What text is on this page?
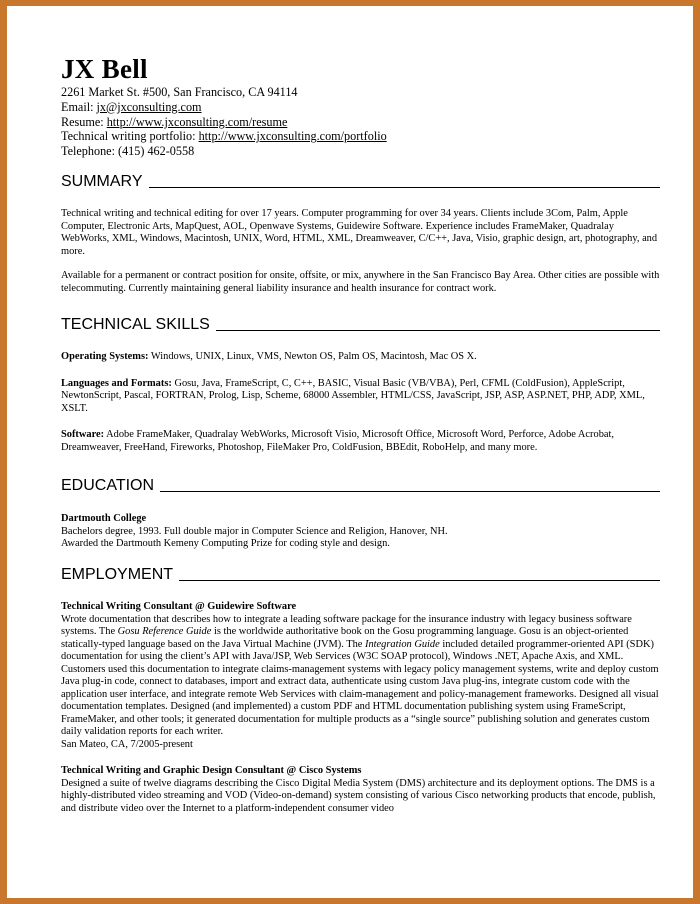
JX Bell
2261 Market St. #500, San Francisco, CA 94114
Email: jx@jxconsulting.com
Resume: http://www.jxconsulting.com/resume
Technical writing portfolio: http://www.jxconsulting.com/portfolio
Telephone: (415) 462-0558
SUMMARY

Technical writing and technical editing for over 17 years. Computer programming for over 34 years. Clients include 3Com, Palm, Apple Computer, Electronic Arts, MapQuest, AOL, Openwave Systems, Guidewire Software. Experience includes FrameMaker, Quadralay WebWorks, XML, Windows, Macintosh, UNIX, Word, HTML, XML, Dreamweaver, C/C++, Java, Visio, graphic design, art, photography, and more.

Available for a permanent or contract position for onsite, offsite, or mix, anywhere in the San Francisco Bay Area. Other cities are possible with telecommuting. Currently maintaining general liability insurance and health insurance for contract work.

TECHNICAL SKILLS

Operating Systems: Windows, UNIX, Linux, VMS, Newton OS, Palm OS, Macintosh, Mac OS X.

Languages and Formats: Gosu, Java, FrameScript, C, C++, BASIC, Visual Basic (VB/VBA), Perl, CFML (ColdFusion), AppleScript, NewtonScript, Pascal, FORTRAN, Prolog, Lisp, Scheme, 68000 Assembler, HTML/CSS, JavaScript, JSP, ASP, ASP.NET, PHP, ADP, XML, XSLT.

Software: Adobe FrameMaker, Quadralay WebWorks, Microsoft Visio, Microsoft Office, Microsoft Word, Perforce, Adobe Acrobat, Dreamweaver, FreeHand, Fireworks, Photoshop, FileMaker Pro, ColdFusion, BBEdit, RoboHelp, and many more.

EDUCATION

Dartmouth College

Bachelors degree, 1993. Full double major in Computer Science and Religion, Hanover, NH.

Awarded the Dartmouth Kemeny Computing Prize for coding style and design.

EMPLOYMENT

Technical Writing Consultant @ Guidewire Software

Wrote documentation that describes how to integrate a leading software package for the insurance industry with legacy business software systems. The Gosu Reference Guide is the worldwide authoritative book on the Gosu programming language. Gosu is an object-oriented statically-typed language based on the Java Virtual Machine (JVM). The Integration Guide included detailed programmer-oriented API (SDK) documentation for using the client’s API with Java/JSP, Web Services (W3C SOAP protocol), Windows .NET, Apache Axis, and XML. Customers used this documentation to integrate claims-management systems with legacy policy management systems, write and deploy custom Java plug-in code, connect to databases, import and extract data, authenticate using custom Java plug-ins, integrate custom code with the application user interface, and integrate remote Web Services with claim-management and policy-management frameworks. Designed all visual documentation templates. Designed (and implemented) a custom PDF and HTML documentation publishing system using FrameScript, FrameMaker, and other tools; it generated documentation for multiple products as a “single source” publishing solution and generates custom daily validation reports for each writer.

San Mateo, CA, 7/2005-present

Technical Writing and Graphic Design Consultant @ Cisco Systems

Designed a suite of twelve diagrams describing the Cisco Digital Media System (DMS) architecture and its deployment options. The DMS is a highly-distributed video streaming and VOD (Video-on-demand) system consisting of various Cisco networking products that encode, publish, and distribute video over the Internet to a platform-independent consumer video
